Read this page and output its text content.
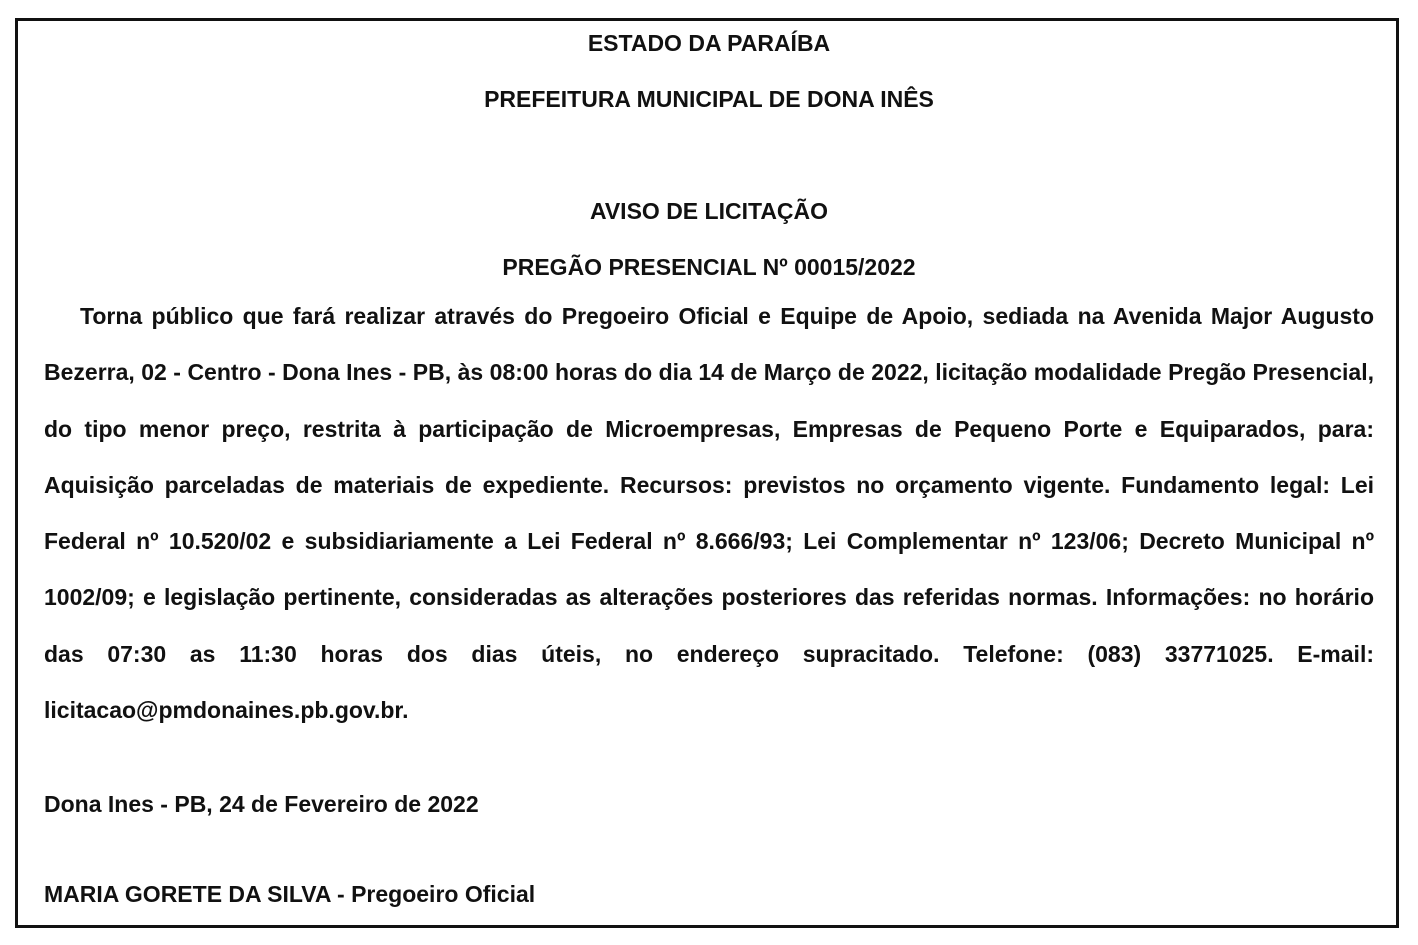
ESTADO DA PARAÍBA
PREFEITURA MUNICIPAL DE DONA INÊS
AVISO DE LICITAÇÃO
PREGÃO PRESENCIAL Nº 00015/2022
Torna público que fará realizar através do Pregoeiro Oficial e Equipe de Apoio, sediada na Avenida Major Augusto Bezerra, 02 - Centro - Dona Ines - PB, às 08:00 horas do dia 14 de Março de 2022, licitação modalidade Pregão Presencial, do tipo menor preço, restrita à participação de Microempresas, Empresas de Pequeno Porte e Equiparados, para: Aquisição parceladas de materiais de expediente. Recursos: previstos no orçamento vigente. Fundamento legal: Lei Federal nº 10.520/02 e subsidiariamente a Lei Federal nº 8.666/93; Lei Complementar nº 123/06; Decreto Municipal nº 1002/09; e legislação pertinente, consideradas as alterações posteriores das referidas normas. Informações: no horário das 07:30 as 11:30 horas dos dias úteis, no endereço supracitado. Telefone: (083) 33771025. E-mail: licitacao@pmdonaines.pb.gov.br.
Dona Ines - PB, 24 de Fevereiro de 2022
MARIA GORETE DA SILVA - Pregoeiro Oficial
